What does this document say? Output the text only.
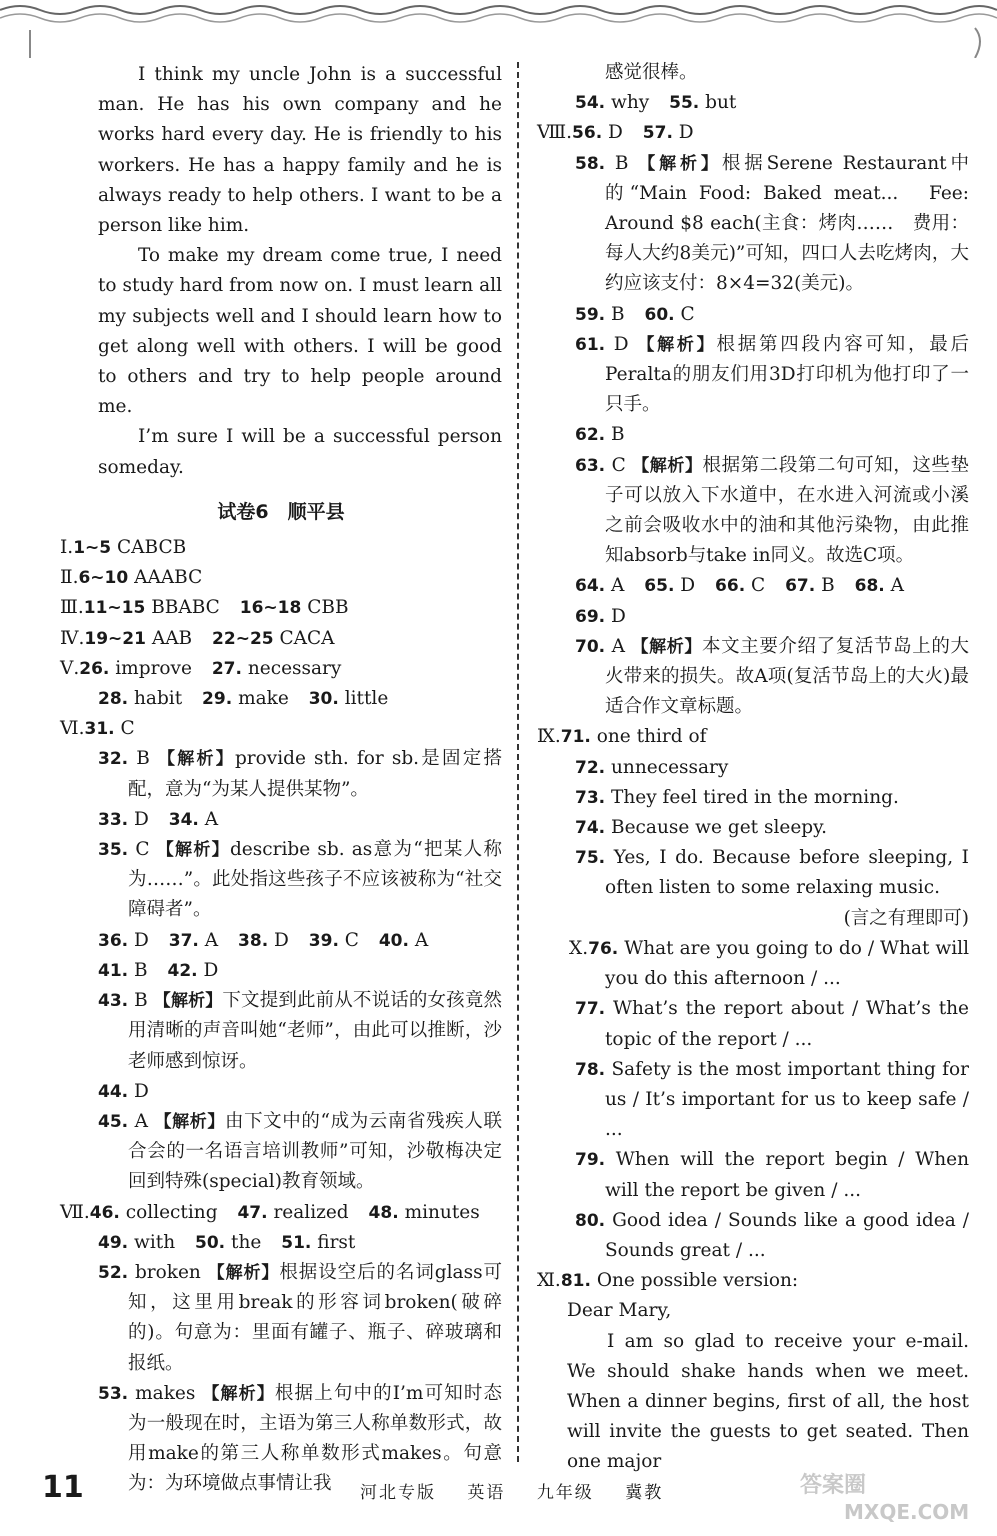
I think my uncle John is a successful man. He has his own company and he works hard every day. He is friendly to his workers. He has a happy family and he is always ready to help others. I want to be a person like him.
To make my dream come true, I need to study hard from now on. I must learn all my subjects well and I should learn how to get along well with others. I will be good to others and try to help people around me.
I’m sure I will be a successful person someday.
试卷6　顺平县
Ⅰ.1~5 CABCB
Ⅱ.6~10 AAABC
Ⅲ.11~15 BBABC 16~18 CBB
Ⅳ.19~21 AAB 22~25 CACA
Ⅴ.26. improve 27. necessary
28. habit 29. make 30. little
Ⅵ.31. C
32. B 【解析】provide sth. for sb.是固定搭配，意为“为某人提供某物”。
33. D 34. A
35. C 【解析】describe sb. as意为“把某人称为……”。此处指这些孩子不应该被称为“社交障碍者”。
36. D 37. A 38. D 39. C 40. A
41. B 42. D
43. B 【解析】下文提到此前从不说话的女孩竟然用清晰的声音叫她“老师”，由此可以推断，沙老师感到惊讶。
44. D
45. A 【解析】由下文中的“成为云南省残疾人联合会的一名语言培训教师”可知，沙敬梅决定回到特殊(special)教育领域。
Ⅶ.46. collecting 47. realized 48. minutes
49. with 50. the 51. first
52. broken 【解析】根据设空后的名词glass可知，这里用break的形容词broken(破碎的)。句意为：里面有罐子、瓶子、碎玻璃和报纸。
53. makes 【解析】根据上句中的I’m可知时态为一般现在时，主语为第三人称单数形式，故用make的第三人称单数形式makes。句意为：为环境做点事情让我
感觉很棒。
54. why 55. but
Ⅷ.56. D 57. D
58. B 【解析】根据Serene Restaurant中的“Main Food: Baked meat...　Fee: Around $8 each(主食：烤肉……　费用：每人大约8美元)”可知，四口人去吃烤肉，大约应该支付：8×4=32(美元)。
59. B 60. C
61. D 【解析】根据第四段内容可知，最后Peralta的朋友们用3D打印机为他打印了一只手。
62. B
63. C 【解析】根据第二段第二句可知，这些垫子可以放入下水道中，在水进入河流或小溪之前会吸收水中的油和其他污染物，由此推知absorb与take in同义。故选C项。
64. A 65. D 66. C 67. B 68. A
69. D
70. A 【解析】本文主要介绍了复活节岛上的大火带来的损失。故A项(复活节岛上的大火)最适合作文章标题。
Ⅸ.71. one third of
72. unnecessary
73. They feel tired in the morning.
74. Because we get sleepy.
75. Yes, I do. Because before sleeping, I often listen to some relaxing music.
(言之有理即可)
Ⅹ.76. What are you going to do / What will you do this afternoon / ...
77. What’s the report about / What’s the topic of the report / ...
78. Safety is the most important thing for us / It’s important for us to keep safe / ...
79. When will the report begin / When will the report be given / ...
80. Good idea / Sounds like a good idea / Sounds great / ...
Ⅺ.81. One possible version:
Dear Mary,
I am so glad to receive your e-mail. We should shake hands when we meet. When a dinner begins, first of all, the host will invite the guests to get seated. Then one major
11	河北专版 英语 九年级 冀教	答案圈
MXQE.COM
